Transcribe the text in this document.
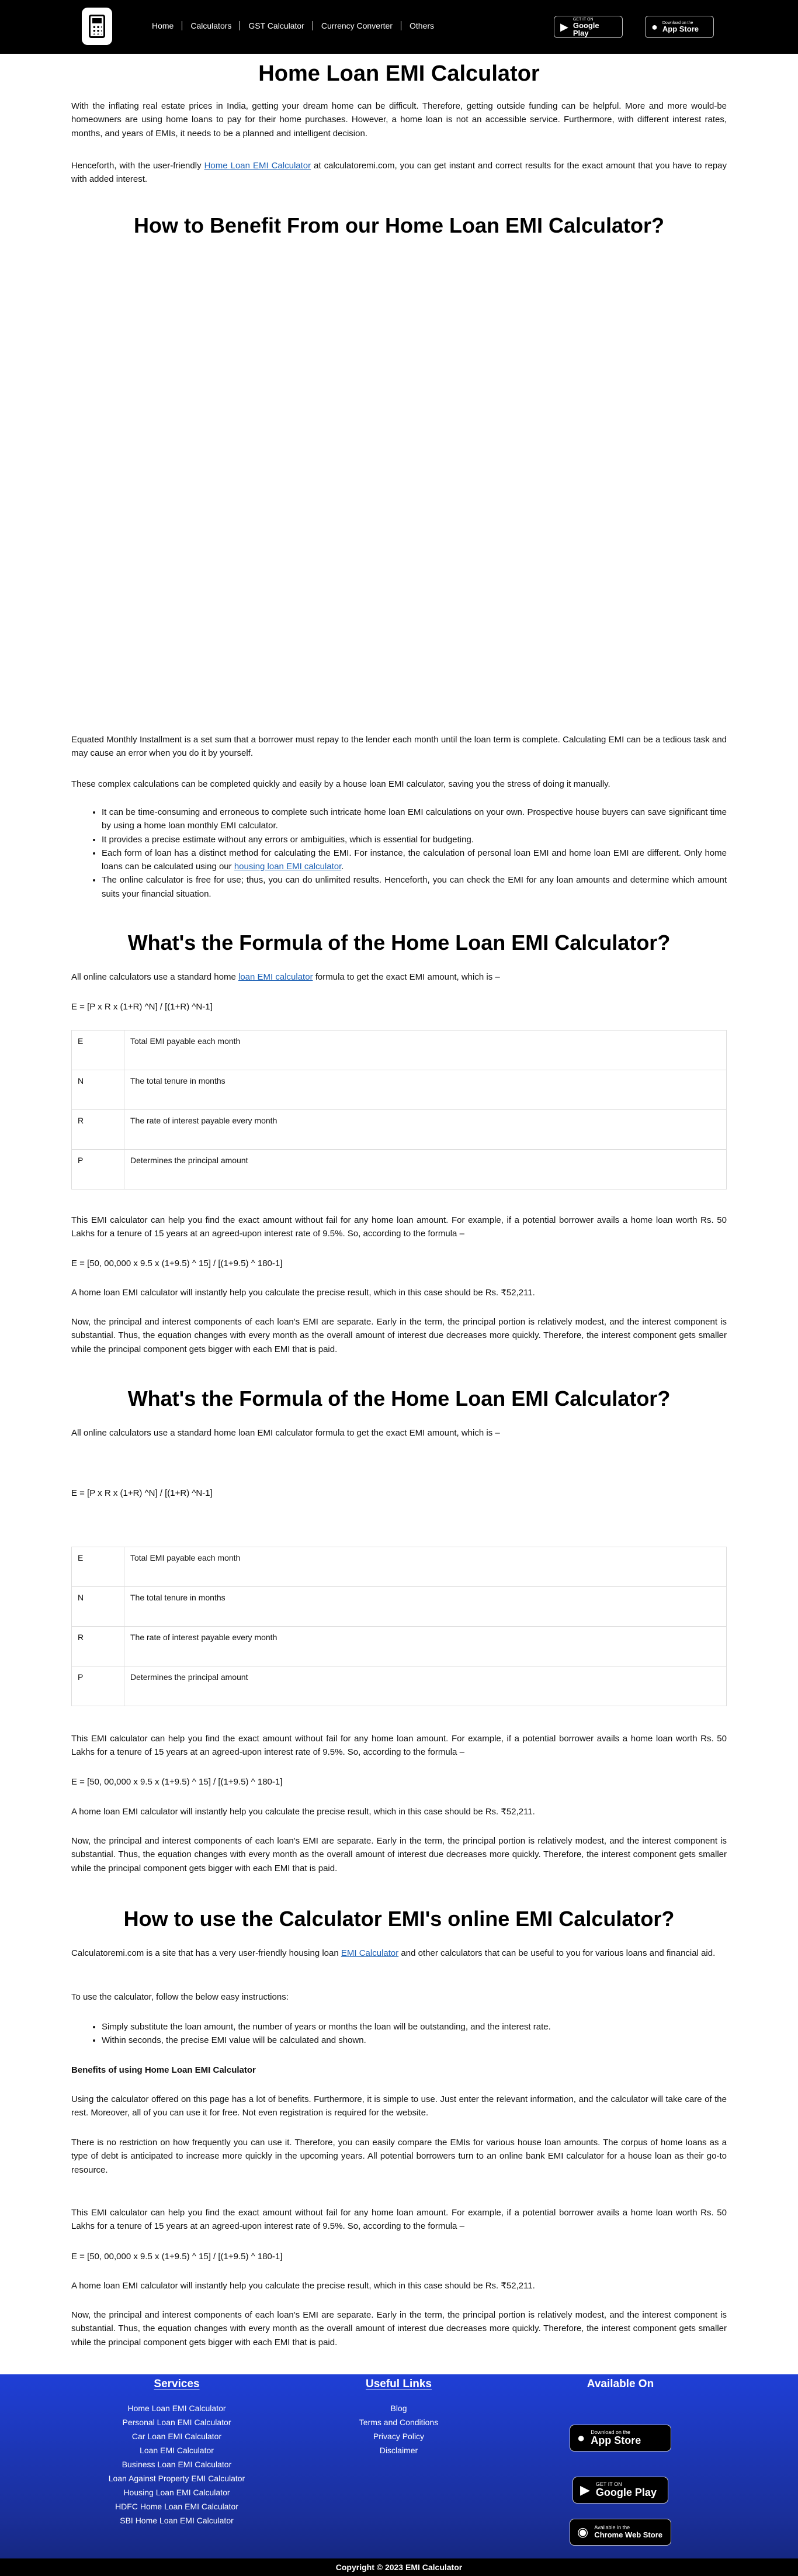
Home	Calculators	GST Calculator	Currency Converter	Others	▶
GET IT ON
Google Play
● Download on the
App Store
Home Loan EMI Calculator

With the inflating real estate prices in India, getting your dream home can be difficult. Therefore, getting outside funding can be helpful. More and more would-be homeowners are using home loans to pay for their home purchases. However, a home loan is not an accessible service. Furthermore, with different interest rates, months, and years of EMIs, it needs to be a planned and intelligent decision.

Henceforth, with the user-friendly Home Loan EMI Calculator at calculatoremi.com, you can get instant and correct results for the exact amount that you have to repay with added interest.

How to Benefit From our Home Loan EMI Calculator?

Equated Monthly Installment is a set sum that a borrower must repay to the lender each month until the loan term is complete. Calculating EMI can be a tedious task and may cause an error when you do it by yourself.

These complex calculations can be completed quickly and easily by a house loan EMI calculator, saving you the stress of doing it manually.

• It can be time-consuming and erroneous to complete such intricate home loan EMI calculations on your own. Prospective house buyers can save significant time by using a home loan monthly EMI calculator.
• It provides a precise estimate without any errors or ambiguities, which is essential for budgeting.
• Each form of loan has a distinct method for calculating the EMI. For instance, the calculation of personal loan EMI and home loan EMI are different. Only home loans can be calculated using our housing loan EMI calculator.
• The online calculator is free for use; thus, you can do unlimited results. Henceforth, you can check the EMI for any loan amounts and determine which amount suits your financial situation.
What's the Formula of the Home Loan EMI Calculator?

All online calculators use a standard home loan EMI calculator formula to get the exact EMI amount, which is –

E = [P x R x (1+R) ^N] / [(1+R) ^N-1]

E	Total EMI payable each month
N	The total tenure in months
R	The rate of interest payable every month
P	Determines the principal amount

This EMI calculator can help you find the exact amount without fail for any home loan amount. For example, if a potential borrower avails a home loan worth Rs. 50 Lakhs for a tenure of 15 years at an agreed-upon interest rate of 9.5%. So, according to the formula –

E = [50, 00,000 x 9.5 x (1+9.5) ^ 15] / [(1+9.5) ^ 180-1]

A home loan EMI calculator will instantly help you calculate the precise result, which in this case should be Rs. ₹52,211.

Now, the principal and interest components of each loan's EMI are separate. Early in the term, the principal portion is relatively modest, and the interest component is substantial. Thus, the equation changes with every month as the overall amount of interest due decreases more quickly. Therefore, the interest component gets smaller while the principal component gets bigger with each EMI that is paid.

What's the Formula of the Home Loan EMI Calculator?

All online calculators use a standard home loan EMI calculator formula to get the exact EMI amount, which is –

E = [P x R x (1+R) ^N] / [(1+R) ^N-1]

E	Total EMI payable each month
N	The total tenure in months
R	The rate of interest payable every month
P	Determines the principal amount

This EMI calculator can help you find the exact amount without fail for any home loan amount. For example, if a potential borrower avails a home loan worth Rs. 50 Lakhs for a tenure of 15 years at an agreed-upon interest rate of 9.5%. So, according to the formula –

E = [50, 00,000 x 9.5 x (1+9.5) ^ 15] / [(1+9.5) ^ 180-1]

A home loan EMI calculator will instantly help you calculate the precise result, which in this case should be Rs. ₹52,211.

Now, the principal and interest components of each loan's EMI are separate. Early in the term, the principal portion is relatively modest, and the interest component is substantial. Thus, the equation changes with every month as the overall amount of interest due decreases more quickly. Therefore, the interest component gets smaller while the principal component gets bigger with each EMI that is paid.

How to use the Calculator EMI's online EMI Calculator?

Calculatoremi.com is a site that has a very user-friendly housing loan EMI Calculator and other calculators that can be useful to you for various loans and financial aid.

To use the calculator, follow the below easy instructions:

• Simply substitute the loan amount, the number of years or months the loan will be outstanding, and the interest rate.
• Within seconds, the precise EMI value will be calculated and shown.

Benefits of using Home Loan EMI Calculator

Using the calculator offered on this page has a lot of benefits. Furthermore, it is simple to use. Just enter the relevant information, and the calculator will take care of the rest. Moreover, all of you can use it for free. Not even registration is required for the website.

There is no restriction on how frequently you can use it. Therefore, you can easily compare the EMIs for various house loan amounts. The corpus of home loans as a type of debt is anticipated to increase more quickly in the upcoming years. All potential borrowers turn to an online bank EMI calculator for a house loan as their go-to resource.

This EMI calculator can help you find the exact amount without fail for any home loan amount. For example, if a potential borrower avails a home loan worth Rs. 50 Lakhs for a tenure of 15 years at an agreed-upon interest rate of 9.5%. So, according to the formula –

E = [50, 00,000 x 9.5 x (1+9.5) ^ 15] / [(1+9.5) ^ 180-1]

A home loan EMI calculator will instantly help you calculate the precise result, which in this case should be Rs. ₹52,211.

Now, the principal and interest components of each loan's EMI are separate. Early in the term, the principal portion is relatively modest, and the interest component is substantial. Thus, the equation changes with every month as the overall amount of interest due decreases more quickly. Therefore, the interest component gets smaller while the principal component gets bigger with each EMI that is paid.

Services
Home Loan EMI Calculator
Personal Loan EMI Calculator
Car Loan EMI Calculator
Loan EMI Calculator
Business Loan EMI Calculator
Loan Against Property EMI Calculator
Housing Loan EMI Calculator
HDFC Home Loan EMI Calculator
SBI Home Loan EMI Calculator
Useful Links
Blog
Terms and Conditions
Privacy Policy
Disclaimer
Available On
● Download on the
App Store
▶ GET IT ON
Google Play
◉ Available in the
Chrome Web Store
Copyright © 2023 EMI Calculator
